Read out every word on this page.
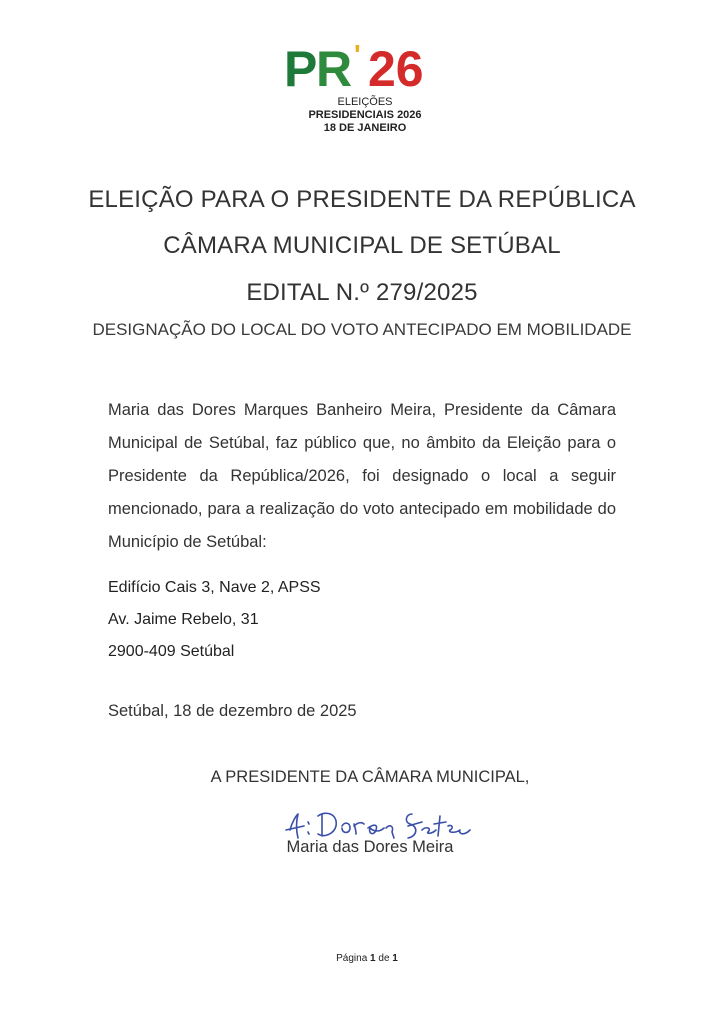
P
R ' 26
ELEIÇÕES
PRESIDENCIAIS 2026
18 DE JANEIRO
ELEIÇÃO PARA O PRESIDENTE DA REPÚBLICA
CÂMARA MUNICIPAL DE SETÚBAL
EDITAL N.º 279/2025
DESIGNAÇÃO DO LOCAL DO VOTO ANTECIPADO EM MOBILIDADE
Maria das Dores Marques Banheiro Meira, Presidente da Câmara Municipal de Setúbal, faz público que, no âmbito da Eleição para o Presidente da República/2026, foi designado o local a seguir mencionado, para a realização do voto antecipado em mobilidade do Município de Setúbal:
Edifício Cais 3, Nave 2, APSS
Av. Jaime Rebelo, 31
2900-409 Setúbal
Setúbal, 18 de dezembro de 2025
A PRESIDENTE DA CÂMARA MUNICIPAL,
Maria das Dores Meira
Página 1 de 1
